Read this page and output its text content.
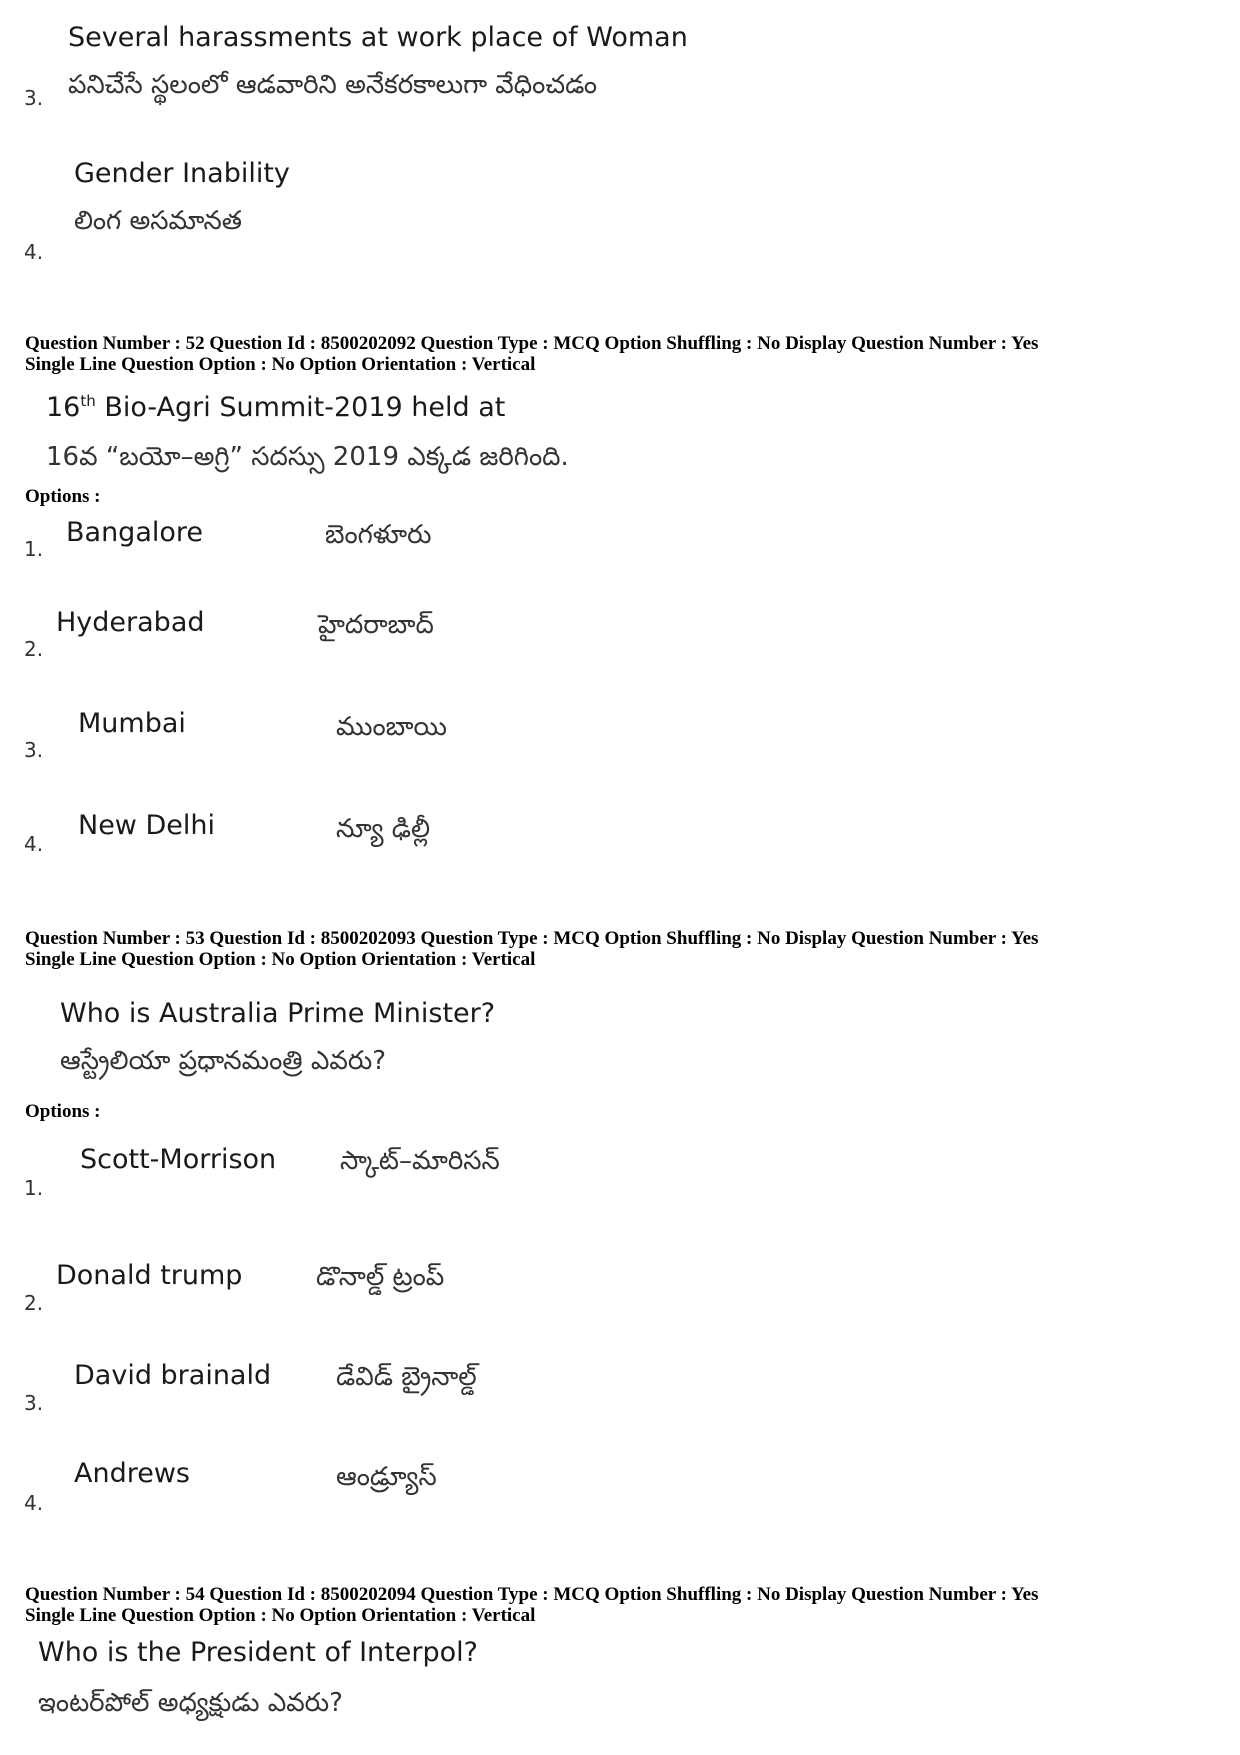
Several harassments at work place of Woman
3. పనిచేసే స్థలంలో ఆడవారిని అనేకరకాలుగా వేధించడం
Gender Inability
లింగ అసమానత
4.
Question Number : 52 Question Id : 8500202092 Question Type : MCQ Option Shuffling : No Display Question Number : Yes
Single Line Question Option : No Option Orientation : Vertical
16th Bio-Agri Summit-2019 held at
16వ “బయో–అగ్రి” సదస్సు 2019 ఎక్కడ జరిగింది.
Options :
1.
Bangalore	బెంగళూరు
2.
Hyderabad	హైదరాబాద్
3.
Mumbai	ముంబాయి
4.
New Delhi	న్యూ ఢిల్లీ
Question Number : 53 Question Id : 8500202093 Question Type : MCQ Option Shuffling : No Display Question Number : Yes
Single Line Question Option : No Option Orientation : Vertical
Who is Australia Prime Minister?
ఆస్ట్రేలియా ప్రధానమంత్రి ఎవరు?
Options :
1.
Scott-Morrison స్కాట్–మారిసన్
2.
Donald trump	డొనాల్డ్ ట్రంప్
3.
David brainald డేవిడ్ బ్రైనాల్డ్
4.
Andrews	ఆండ్ర్యూస్
Question Number : 54 Question Id : 8500202094 Question Type : MCQ Option Shuffling : No Display Question Number : Yes
Single Line Question Option : No Option Orientation : Vertical
Who is the President of Interpol?
ఇంటర్‌పోల్ అధ్యక్షుడు ఎవరు?
